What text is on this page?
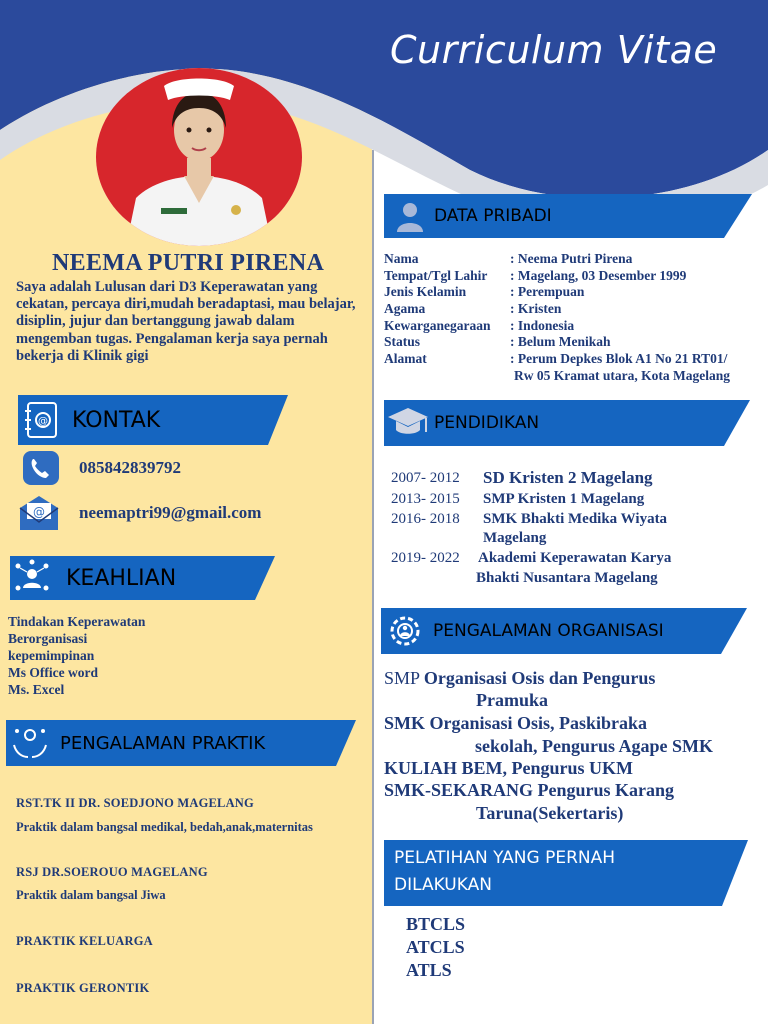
Curriculum Vitae
NEEMA PUTRI PIRENA
Saya adalah Lulusan dari D3 Keperawatan yang cekatan, percaya diri,mudah beradaptasi, mau belajar, disiplin, jujur dan bertanggung jawab dalam mengemban tugas. Pengalaman kerja saya pernah bekerja di Klinik gigi
@ KONTAK
085842839792
@ neemaptri99@gmail.com
KEAHLIAN
Tindakan Keperawatan
Berorganisasi
kepemimpinan
Ms Office word
Ms. Excel
PENGALAMAN PRAKTIK
RST.TK II DR. SOEDJONO MAGELANG
Praktik dalam bangsal medikal, bedah,anak,maternitas
RSJ DR.SOEROUO MAGELANG
Praktik dalam bangsal Jiwa
PRAKTIK KELUARGA
PRAKTIK GERONTIK
DATA PRIBADI
Nama	: Neema Putri Pirena
Tempat/Tgl Lahir : Magelang, 03 Desember 1999
Jenis Kelamin	: Perempuan
Agama	: Kristen
Kewarganegaraan : Indonesia
Status	: Belum Menikah
Alamat	: Perum Depkes Blok A1 No 21 RT01/
Rw 05 Kramat utara, Kota Magelang
PENDIDIKAN
2007- 2012 SD Kristen 2 Magelang
2013- 2015 SMP Kristen 1 Magelang
2016- 2018 SMK Bhakti Medika Wiyata
Magelang
2019- 2022 Akademi Keperawatan Karya
Bhakti Nusantara Magelang
PENGALAMAN ORGANISASI
SMP Organisasi Osis dan Pengurus
Pramuka
SMK Organisasi Osis, Paskibraka
sekolah, Pengurus Agape SMK
KULIAH BEM, Pengurus UKM
SMK-SEKARANG Pengurus Karang
Taruna(Sekertaris)
PELATIHAN YANG PERNAH
DILAKUKAN
BTCLS
ATCLS
ATLS
